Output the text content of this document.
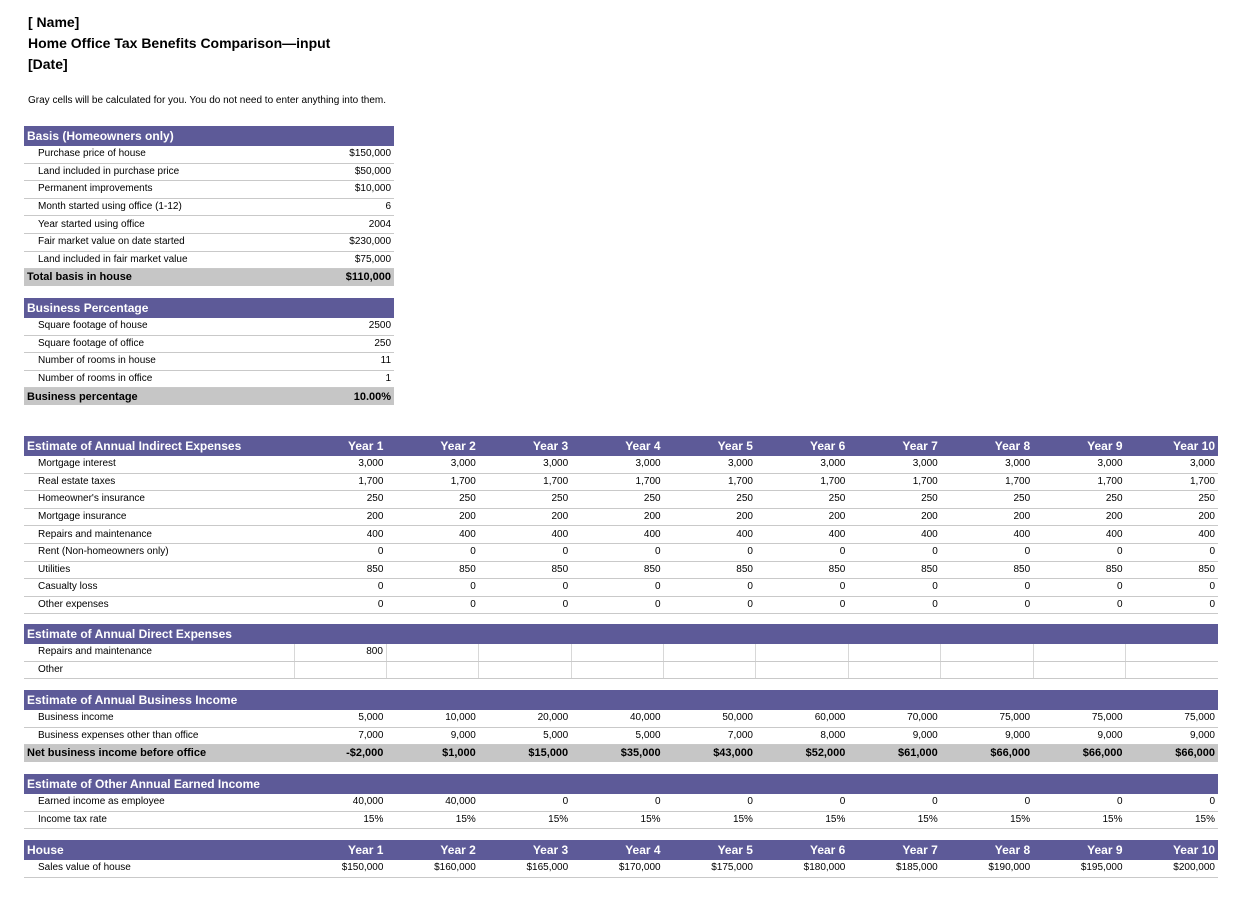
[ Name]
Home Office Tax Benefits Comparison—input
[Date]
Gray cells will be calculated for you. You do not need to enter anything into them.
Basis (Homeowners only)	
Purchase price of house	$150,000
Land included in purchase price	$50,000
Permanent improvements	$10,000
Month started using office (1-12)	6
Year started using office	2004
Fair market value on date started	$230,000
Land included in fair market value	$75,000
Total basis in house	$110,000
Business Percentage	
Square footage of house	2500
Square footage of office	250
Number of rooms in house	11
Number of rooms in office	1
Business percentage	10.00%
Estimate of Annual Indirect Expenses	Year 1	Year 2	Year 3	Year 4	Year 5	Year 6	Year 7	Year 8	Year 9	Year 10
Mortgage interest	3,000	3,000	3,000	3,000	3,000	3,000	3,000	3,000	3,000	3,000
Real estate taxes	1,700	1,700	1,700	1,700	1,700	1,700	1,700	1,700	1,700	1,700
Homeowner's insurance	250	250	250	250	250	250	250	250	250	250
Mortgage insurance	200	200	200	200	200	200	200	200	200	200
Repairs and maintenance	400	400	400	400	400	400	400	400	400	400
Rent (Non-homeowners only)	0	0	0	0	0	0	0	0	0	0
Utilities	850	850	850	850	850	850	850	850	850	850
Casualty loss	0	0	0	0	0	0	0	0	0	0
Other expenses	0	0	0	0	0	0	0	0	0	0
Estimate of Annual Direct Expenses										
Repairs and maintenance	800									
Other										
Estimate of Annual Business Income										
Business income	5,000	10,000	20,000	40,000	50,000	60,000	70,000	75,000	75,000	75,000
Business expenses other than office	7,000	9,000	5,000	5,000	7,000	8,000	9,000	9,000	9,000	9,000
Net business income before office	-$2,000	$1,000	$15,000	$35,000	$43,000	$52,000	$61,000	$66,000	$66,000	$66,000
Estimate of Other Annual Earned Income										
Earned income as employee	40,000	40,000	0	0	0	0	0	0	0	0
Income tax rate	15%	15%	15%	15%	15%	15%	15%	15%	15%	15%
House	Year 1	Year 2	Year 3	Year 4	Year 5	Year 6	Year 7	Year 8	Year 9	Year 10
Sales value of house	$150,000	$160,000	$165,000	$170,000	$175,000	$180,000	$185,000	$190,000	$195,000	$200,000
